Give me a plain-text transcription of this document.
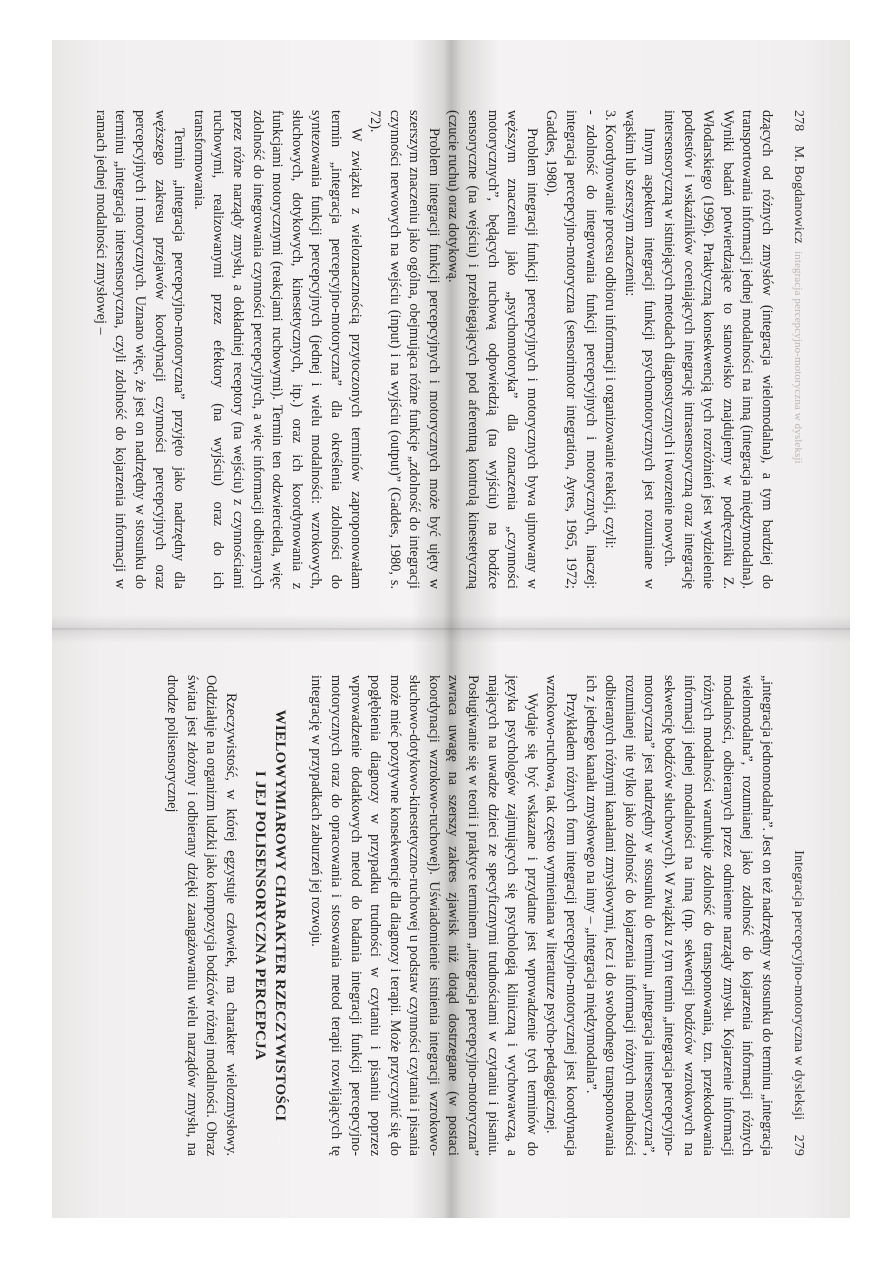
278    M. Bogdanowicz integracja percepcyjno-motoryczna w dysleksji

dzących od różnych zmysłów (integracja wielomodalna), a tym bardziej do transportowania informacji jednej modalności na inną (integracja międzymodalna). Wyniki badań potwierdzające to stanowisko znajdujemy w podręczniku Z. Włodarskiego (1996). Praktyczną konsekwencją tych rozróżnień jest wydzielenie podtestów i wskaźników oceniających integrację intrasensoryczną oraz integrację intersensoryczną w istniejących metodach diagnostycznych i tworzenie nowych.

Innym aspektem integracji funkcji psychomotorycznych jest rozumiane w wąskim lub szerszym znaczeniu:

3. Koordynowanie procesu odbioru informacji i organizowanie reakcji, czyli:

- zdolność do integrowania funkcji percepcyjnych i motorycznych, inaczej: integracja percepcyjno-motoryczna (sensorimotor integration, Ayres, 1965, 1972; Gaddes, 1980).

Problem integracji funkcji percepcyjnych i motorycznych bywa ujmowany w węższym znaczeniu jako „psychomotoryka” dla oznaczenia „czynności motorycznych”, będących ruchową odpowiedzią (na wyjściu) na bodźce sensoryczne (na wejściu) i przebiegających pod aferentną kontrolą kinestetyczną (czucie ruchu) oraz dotykową.

Problem integracji funkcji percepcyjnych i motorycznych może być ujęty w szerszym znaczeniu jako ogólna, obejmująca różne funkcje „zdolność do integracji czynności nerwowych na wejściu (input) i na wyjściu (output)” (Gaddes, 1980, s. 72).

W związku z wieloznacznością przytoczonych terminów zaproponowałam termin „integracja percepcyjno-motoryczna” dla określenia zdolności do syntezowania funkcji percepcyjnych (jednej i wielu modalności: wzrokowych, słuchowych, dotykowych, kinestetycznych, itp.) oraz ich koordynowania z funkcjami motorycznymi (reakcjami ruchowymi). Termin ten odzwierciedla, więc zdolność do integrowania czynności percepcyjnych, a więc informacji odbieranych przez różne narządy zmysłu, a dokładniej receptory (na wejściu) z czynnościami ruchowymi, realizowanymi przez efektory (na wyjściu) oraz do ich transformowania.

Termin „integracja percepcyjno-motoryczna” przyjęto jako nadrzędny dla węższego zakresu przejawów koordynacji czynności percepcyjnych oraz percepcyjnych i motorycznych. Uznano więc, że jest on nadrzędny w stosunku do terminu „integracja intersensoryczna, czyli zdolność do kojarzenia informacji w ramach jednej modalności zmysłowej –

Integracja percepcyjno-motoryczna w dysleksji    279

„integracja jednomodalna”. Jest on też nadrzędny w stosunku do terminu „integracja wielomodalna”, rozumianej jako zdolność do kojarzenia informacji różnych modalności, odbieranych przez odmienne narządy zmysłu. Kojarzenie informacji różnych modalności warunkuje zdolność do transponowania, tzn. przekodowania informacji jednej modalności na inną (np. sekwencji bodźców wzrokowych na sekwencję bodźców słuchowych). W związku z tym termin „integracja percepcyjno-motoryczna” jest nadrzędny w stosunku do terminu „integracja intersensoryczna”, rozumianej nie tylko jako zdolność do kojarzenia informacji różnych modalności odbieranych różnymi kanałami zmysłowymi, lecz i do swobodnego transponowania ich z jednego kanału zmysłowego na inny – „integracja międzymodalna”.

Przykładem różnych form integracji percepcyjno-motorycznej jest koordynacja wzrokowo-ruchowa, tak często wymieniana w literaturze psycho-pedagogicznej.

Wydaje się być wskazane i przydatne jest wprowadzenie tych terminów do języka psychologów zajmujących się psychologią kliniczną i wychowawczą, a mających na uwadze dzieci ze specyficznymi trudnościami w czytaniu i pisaniu. Posługiwanie się w teorii i praktyce terminem „integracja percepcyjno-motoryczna” zwraca uwagę na szerszy zakres zjawisk niż dotąd dostrzegane (w postaci koordynacji wzrokowo-ruchowej). Uświadomienie istnienia integracji wzrokowo-słuchowo-dotykowo-kinestetyczno-ruchowej u podstaw czynności czytania i pisania może mieć pozytywne konsekwencje dla diagnozy i terapii. Może przyczynić się do pogłębienia diagnozy w przypadku trudności w czytaniu i pisaniu poprzez wprowadzenie dodatkowych metod do badania integracji funkcji percepcyjno-motorycznych oraz do opracowania i stosowania metod terapii rozwijających tę integrację w przypadkach zaburzeń jej rozwoju.

WIELOWYMIAROWY CHARAKTER RZECZYWISTOŚCI
I JEJ POLISENSORYCZNA PERCEPCJA

Rzeczywistość, w której egzystuje człowiek, ma charakter wielozmysłowy. Oddziałuje na organizm ludzki jako kompozycja bodźców różnej modalności. Obraz świata jest złożony i odbierany dzięki zaangażowaniu wielu narządów zmysłu, na drodze polisensorycznej
